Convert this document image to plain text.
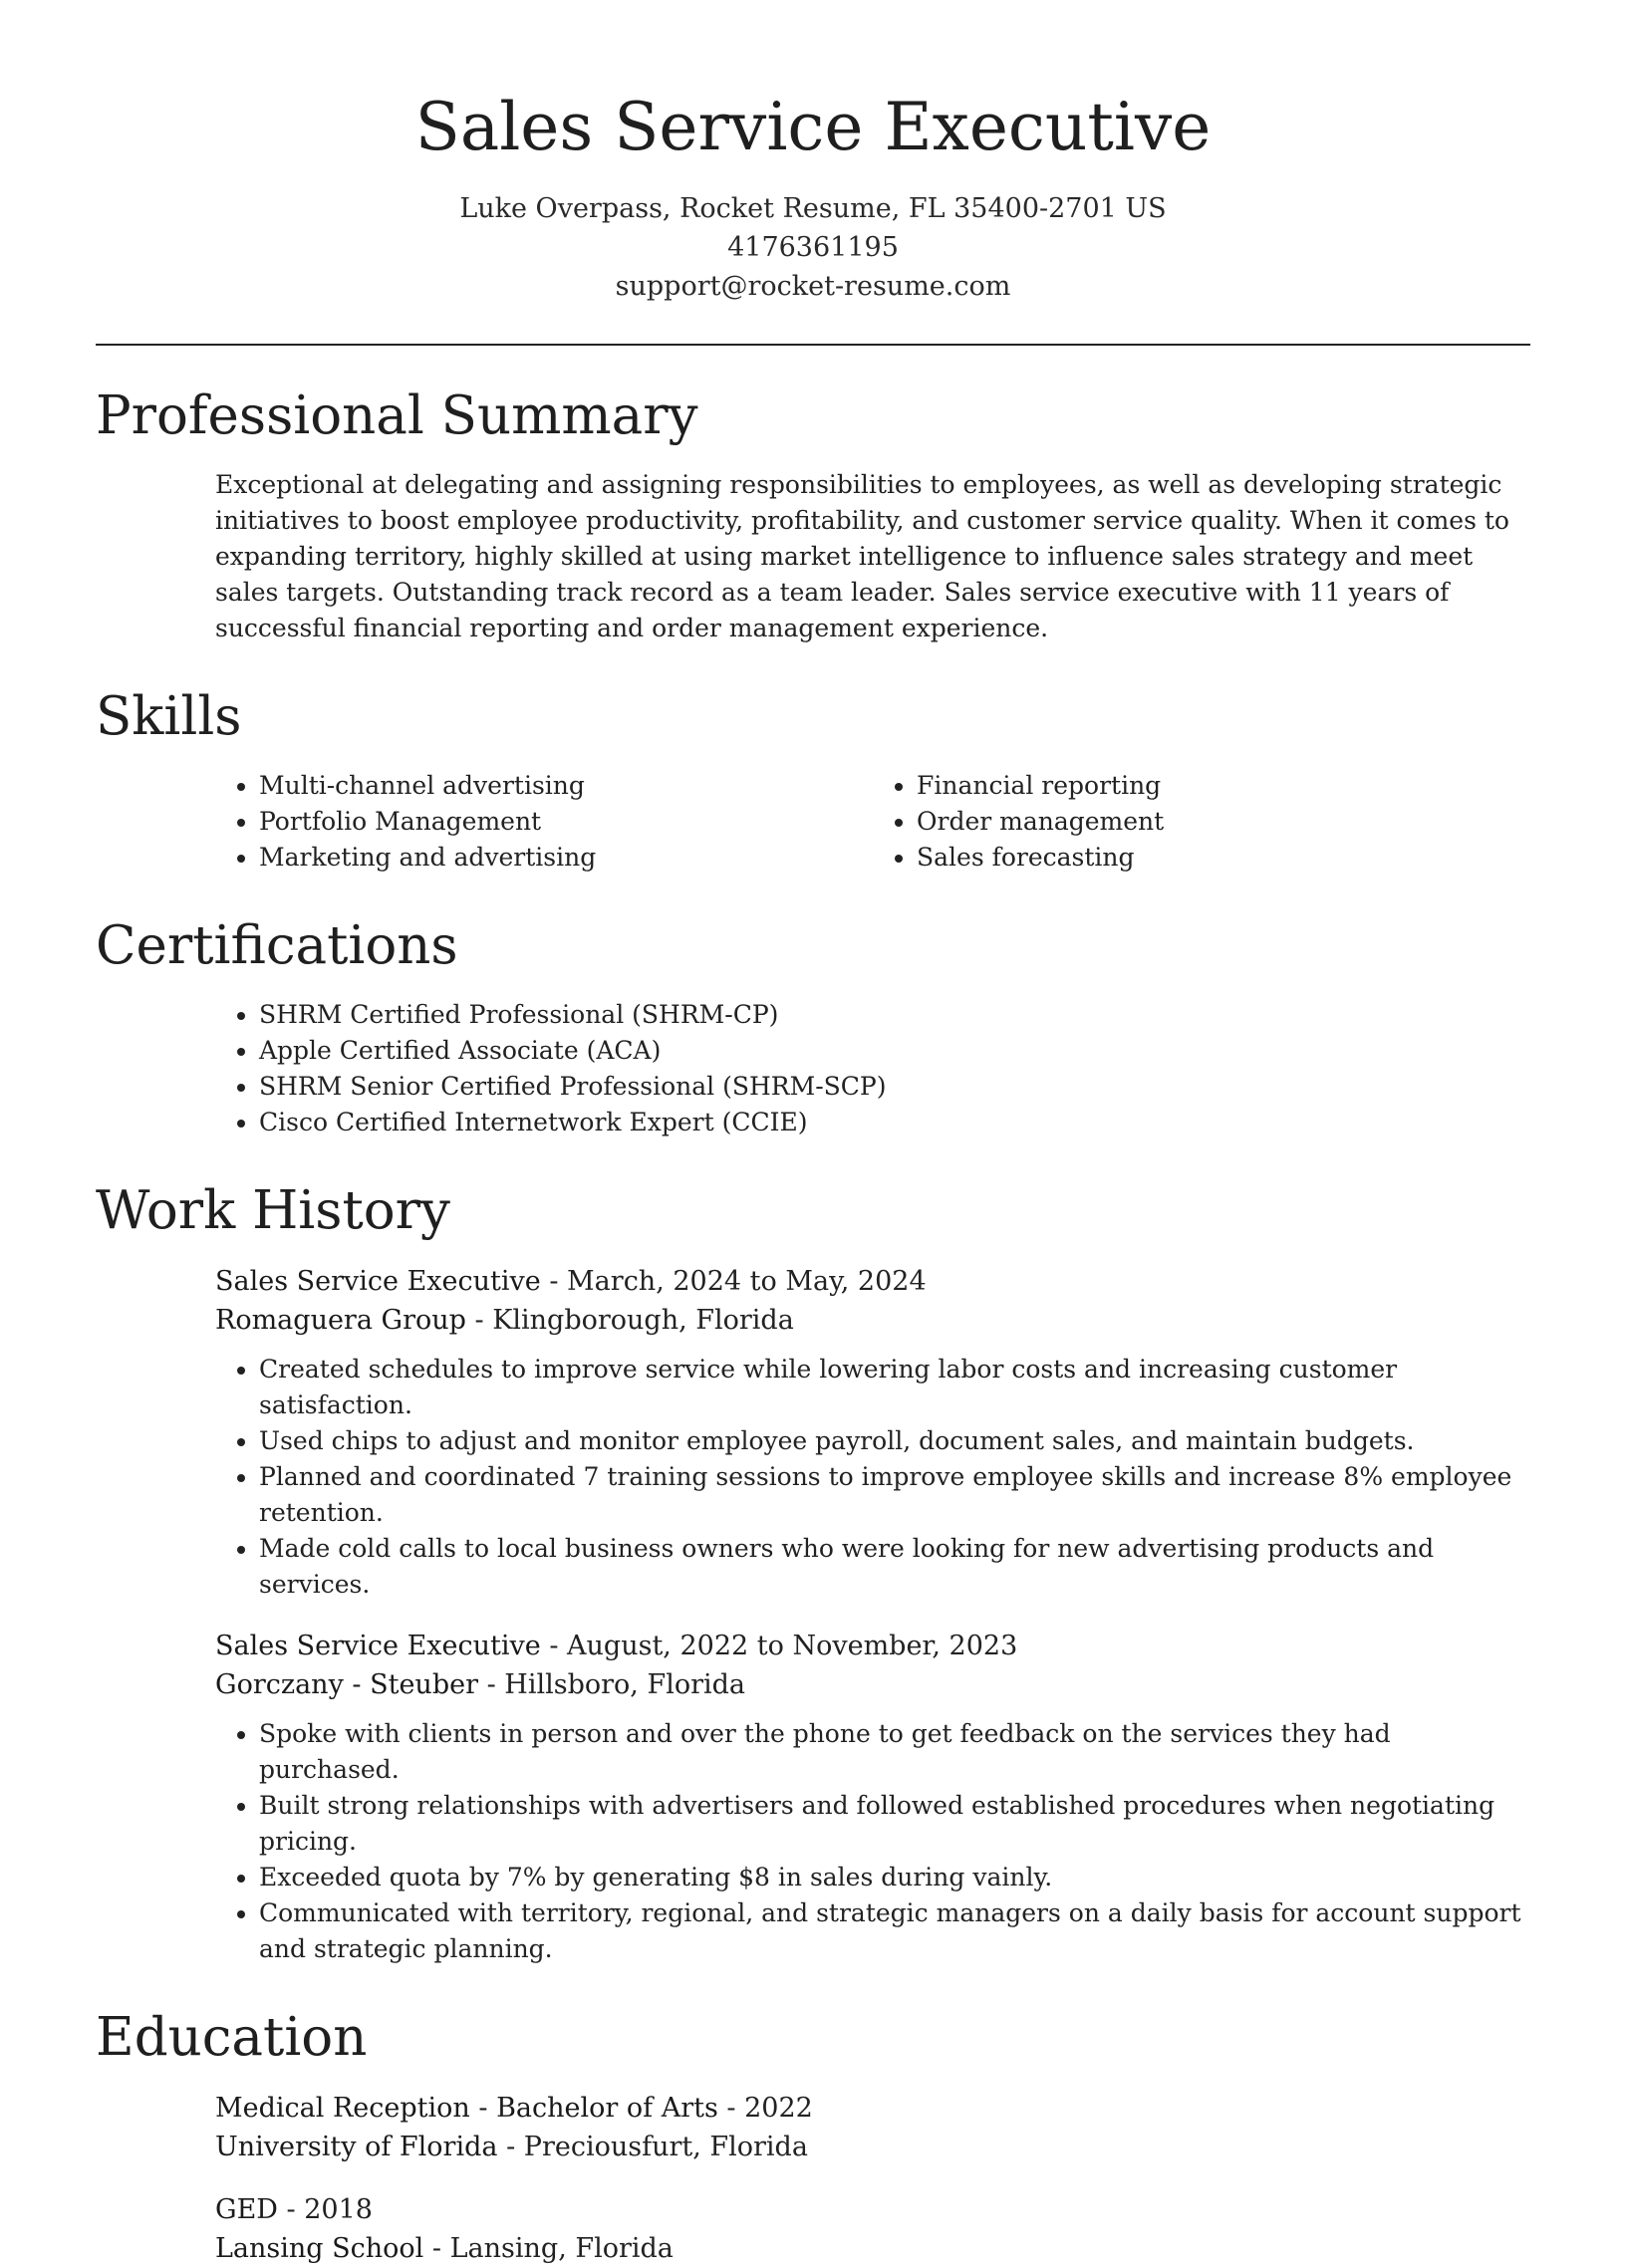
Sales Service Executive
Luke Overpass, Rocket Resume, FL 35400-2701 US
4176361195
support@rocket-resume.com
Professional Summary

Exceptional at delegating and assigning responsibilities to employees, as well as developing strategic initiatives to boost employee productivity, profitability, and customer service quality. When it comes to expanding territory, highly skilled at using market intelligence to influence sales strategy and meet sales targets. Outstanding track record as a team leader. Sales service executive with 11 years of successful financial reporting and order management experience.

Skills
• Multi-channel advertising
• Portfolio Management
• Marketing and advertising
• Financial reporting
• Order management
• Sales forecasting
Certifications
• SHRM Certified Professional (SHRM-CP)
• Apple Certified Associate (ACA)
• SHRM Senior Certified Professional (SHRM-SCP)
• Cisco Certified Internetwork Expert (CCIE)
Work History
Sales Service Executive - March, 2024 to May, 2024
Romaguera Group - Klingborough, Florida
• Created schedules to improve service while lowering labor costs and increasing customer satisfaction.
• Used chips to adjust and monitor employee payroll, document sales, and maintain budgets.
• Planned and coordinated 7 training sessions to improve employee skills and increase 8% employee retention.
• Made cold calls to local business owners who were looking for new advertising products and services.
Sales Service Executive - August, 2022 to November, 2023
Gorczany - Steuber - Hillsboro, Florida
• Spoke with clients in person and over the phone to get feedback on the services they had purchased.
• Built strong relationships with advertisers and followed established procedures when negotiating pricing.
• Exceeded quota by 7% by generating $8 in sales during vainly.
• Communicated with territory, regional, and strategic managers on a daily basis for account support and strategic planning.
Education
Medical Reception - Bachelor of Arts - 2022
University of Florida - Preciousfurt, Florida
GED - 2018
Lansing School - Lansing, Florida
